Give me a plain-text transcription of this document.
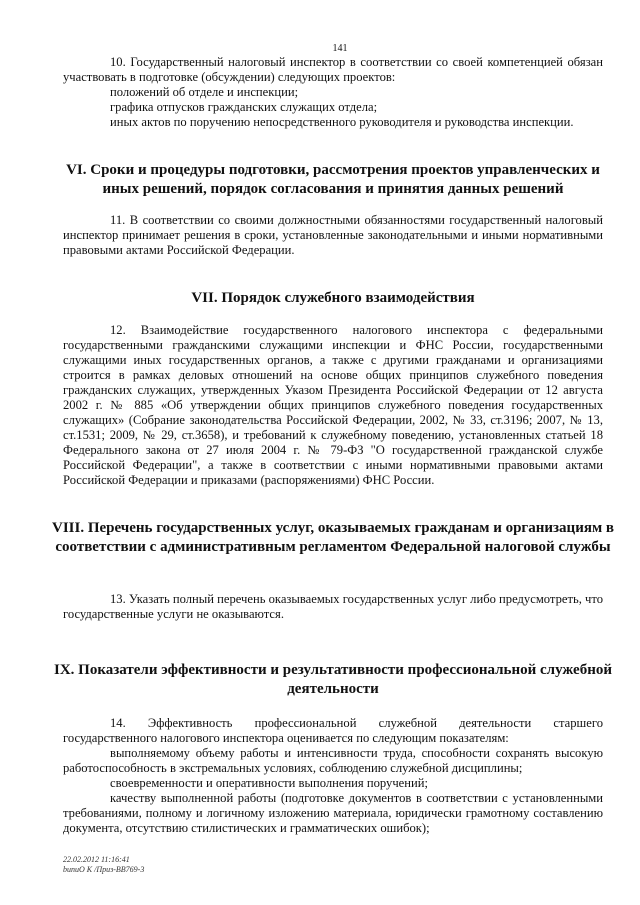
141

10. Государственный налоговый инспектор в соответствии со своей компетенцией обязан участвовать в подготовке (обсуждении) следующих проектов:

положений об отделе и инспекции;

графика отпусков гражданских служащих отдела;

иных актов по поручению непосредственного руководителя и руководства инспекции.

VI. Сроки и процедуры подготовки, рассмотрения проектов управленческих и иных решений, порядок согласования и принятия данных решений

11. В соответствии со своими должностными обязанностями государственный налоговый инспектор принимает решения в сроки, установленные законодательными и иными нормативными правовыми актами Российской Федерации.

VII. Порядок служебного взаимодействия

12. Взаимодействие государственного налогового инспектора с федеральными государственными гражданскими служащими инспекции и ФНС России, государственными служащими иных государственных органов, а также с другими гражданами и организациями строится в рамках деловых отношений на основе общих принципов служебного поведения гражданских служащих, утвержденных Указом Президента Российской Федерации от 12 августа 2002 г. № 885 «Об утверждении общих принципов служебного поведения государственных служащих» (Собрание законодательства Российской Федерации, 2002, № 33, ст.3196; 2007, № 13, ст.1531; 2009, № 29, ст.3658), и требований к служебному поведению, установленных статьей 18 Федерального закона от 27 июля 2004 г. № 79-ФЗ "О государственной гражданской службе Российской Федерации", а также в соответствии с иными нормативными правовыми актами Российской Федерации и приказами (распоряжениями) ФНС России.

VIII. Перечень государственных услуг, оказываемых гражданам и организациям в соответствии с административным регламентом Федеральной налоговой службы

13. Указать полный перечень оказываемых государственных услуг либо предусмотреть, что государственные услуги не оказываются.

IX. Показатели эффективности и результативности профессиональной служебной деятельности

14. Эффективность профессиональной служебной деятельности старшего государственного налогового инспектора оценивается по следующим показателям:

выполняемому объему работы и интенсивности труда, способности сохранять высокую работоспособность в экстремальных условиях, соблюдению служебной дисциплины;

своевременности и оперативности выполнения поручений;

качеству выполненной работы (подготовке документов в соответствии с установленными требованиями, полному и логичному изложению материала, юридически грамотному составлению документа, отсутствию стилистических и грамматических ошибок);

22.02.2012 11:16:41
bunuO K /Приз-BB769-3
